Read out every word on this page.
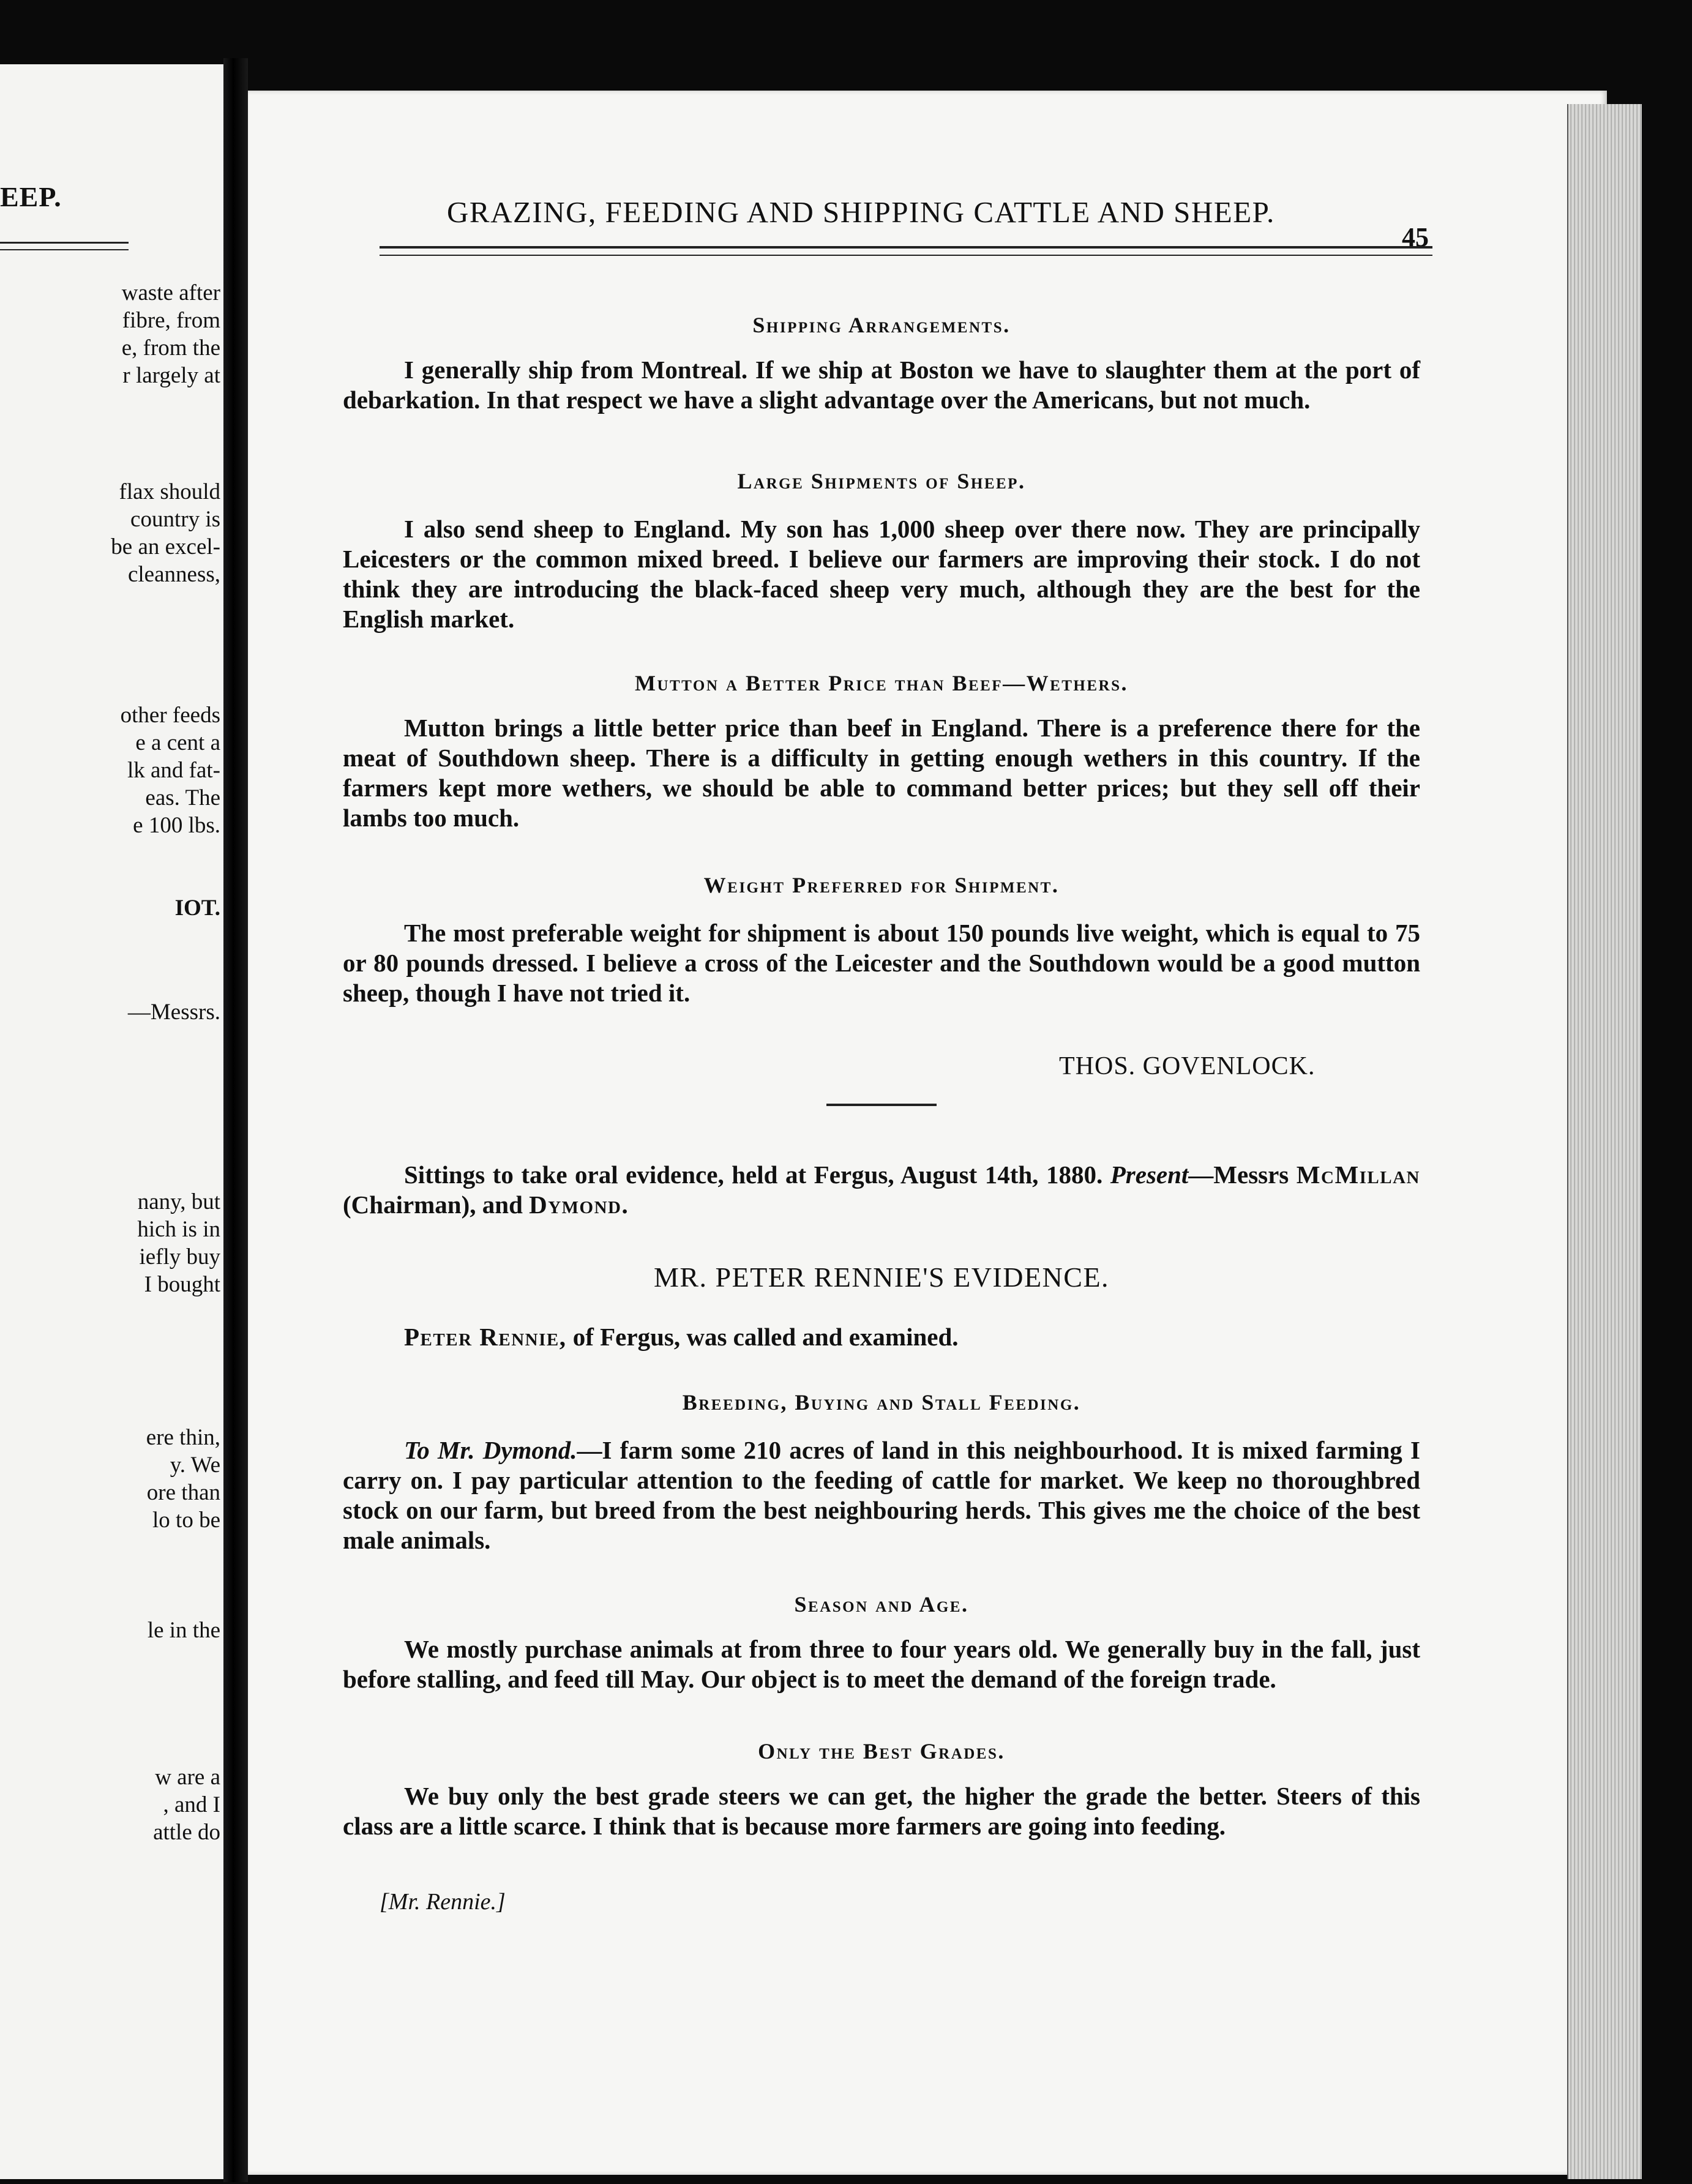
EEP.
waste after
fibre, from
e, from the
r largely at
flax should
country is
be an excel-
cleanness,
other feeds
e a cent a
lk and fat-
eas. The
e 100 lbs.
IOT.
—Messrs.
nany, but
hich is in
iefly buy
I bought
ere thin,
y. We
ore than
lo to be
le in the
w are a
, and I
attle do
GRAZING, FEEDING AND SHIPPING CATTLE AND SHEEP.
45
Shipping Arrangements.

I generally ship from Montreal. If we ship at Boston we have to slaughter them at the port of debarkation. In that respect we have a slight advantage over the Americans, but not much.

Large Shipments of Sheep.

I also send sheep to England. My son has 1,000 sheep over there now. They are principally Leicesters or the common mixed breed. I believe our farmers are improving their stock. I do not think they are introducing the black-faced sheep very much, although they are the best for the English market.

Mutton a Better Price than Beef—Wethers.

Mutton brings a little better price than beef in England. There is a preference there for the meat of Southdown sheep. There is a difficulty in getting enough wethers in this country. If the farmers kept more wethers, we should be able to command better prices; but they sell off their lambs too much.

Weight Preferred for Shipment.

The most preferable weight for shipment is about 150 pounds live weight, which is equal to 75 or 80 pounds dressed. I believe a cross of the Leicester and the Southdown would be a good mutton sheep, though I have not tried it.

THOS. GOVENLOCK.

Sittings to take oral evidence, held at Fergus, August 14th, 1880. Present—Messrs McMillan (Chairman), and Dymond.

MR. PETER RENNIE'S EVIDENCE.

Peter Rennie, of Fergus, was called and examined.

Breeding, Buying and Stall Feeding.

To Mr. Dymond.—I farm some 210 acres of land in this neighbourhood. It is mixed farming I carry on. I pay particular attention to the feeding of cattle for market. We keep no thoroughbred stock on our farm, but breed from the best neighbouring herds. This gives me the choice of the best male animals.

Season and Age.

We mostly purchase animals at from three to four years old. We generally buy in the fall, just before stalling, and feed till May. Our object is to meet the demand of the foreign trade.

Only the Best Grades.

We buy only the best grade steers we can get, the higher the grade the better. Steers of this class are a little scarce. I think that is because more farmers are going into feeding.

[Mr. Rennie.]
